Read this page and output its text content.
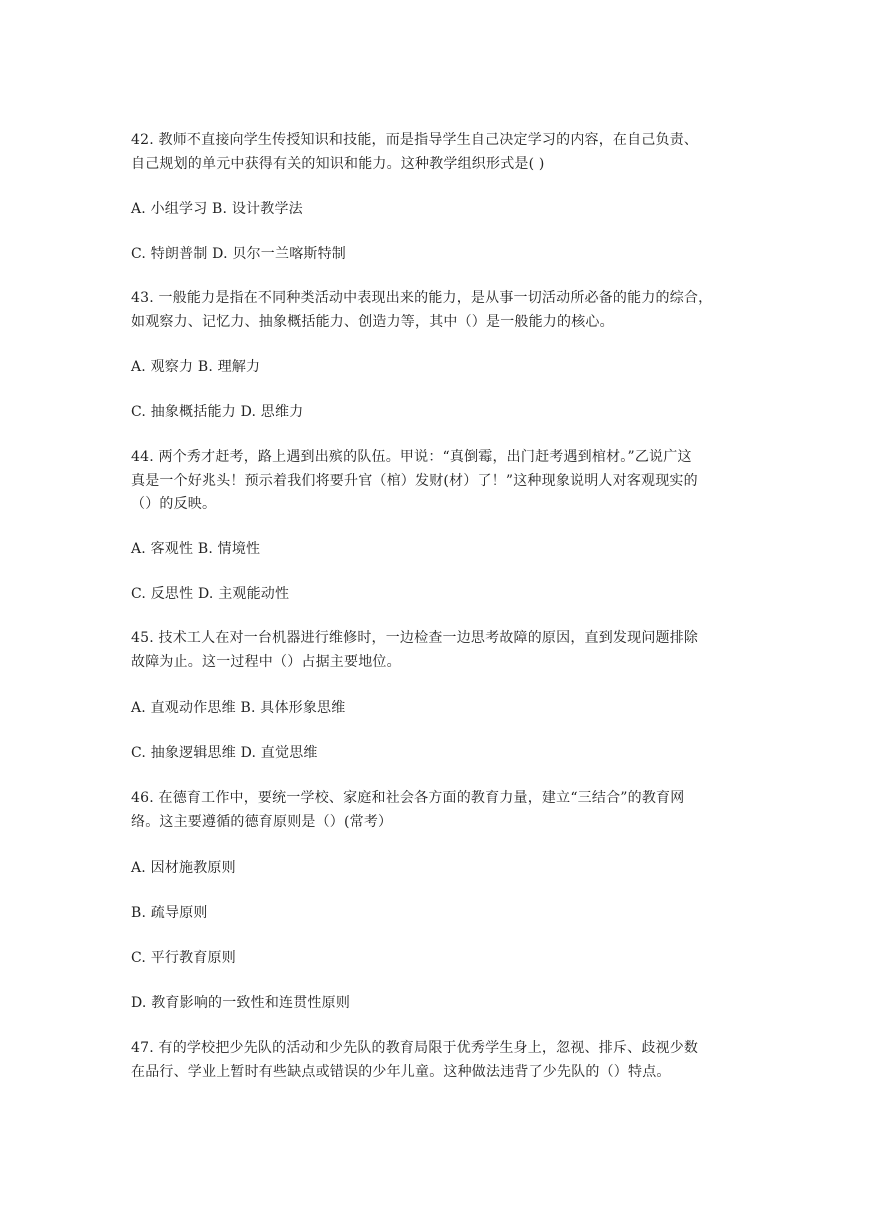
42. 教师不直接向学生传授知识和技能，而是指导学生自己决定学习的内容，在自己负责、
自己规划的单元中获得有关的知识和能力。这种教学组织形式是( )
A. 小组学习 B. 设计教学法
C. 特朗普制 D. 贝尔一兰喀斯特制
43. 一般能力是指在不同种类活动中表现出来的能力，是从事一切活动所必备的能力的综合，
如观察力、记忆力、抽象概括能力、创造力等，其中（）是一般能力的核心。
A. 观察力 B. 理解力
C. 抽象概括能力 D. 思维力
44. 两个秀才赶考，路上遇到出殡的队伍。甲说：“真倒霉，出门赶考遇到棺材。”乙说广这
真是一个好兆头！预示着我们将要升官（棺）发财(材）了！”这种现象说明人对客观现实的
（）的反映。
A. 客观性 B. 情境性
C. 反思性 D. 主观能动性
45. 技术工人在对一台机器进行维修时，一边检查一边思考故障的原因，直到发现问题排除
故障为止。这一过程中（）占据主要地位。
A. 直观动作思维 B. 具体形象思维
C. 抽象逻辑思维 D. 直觉思维
46. 在德育工作中，要统一学校、家庭和社会各方面的教育力量，建立“三结合”的教育网
络。这主要遵循的德育原则是（）(常考）
A. 因材施教原则
B. 疏导原则
C. 平行教育原则
D. 教育影响的一致性和连贯性原则
47. 有的学校把少先队的活动和少先队的教育局限于优秀学生身上，忽视、排斥、歧视少数
在品行、学业上暂时有些缺点或错误的少年儿童。这种做法违背了少先队的（）特点。
